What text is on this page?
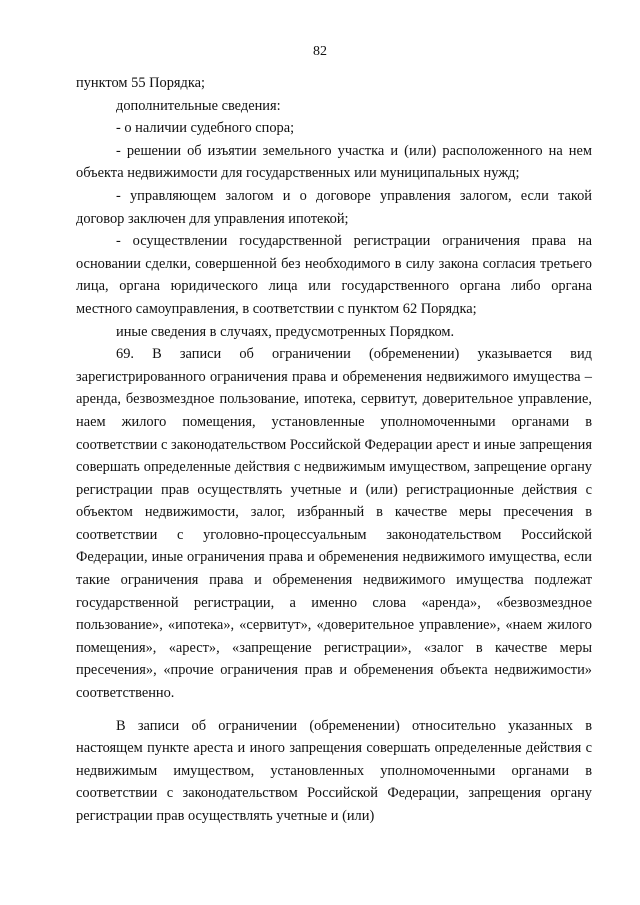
82

пунктом 55 Порядка;

дополнительные сведения:

- о наличии судебного спора;

- решении об изъятии земельного участка и (или) расположенного на нем объекта недвижимости для государственных или муниципальных нужд;

- управляющем залогом и о договоре управления залогом, если такой договор заключен для управления ипотекой;

- осуществлении государственной регистрации ограничения права на основании сделки, совершенной без необходимого в силу закона согласия третьего лица, органа юридического лица или государственного органа либо органа местного самоуправления, в соответствии с пунктом 62 Порядка;

иные сведения в случаях, предусмотренных Порядком.

69. В записи об ограничении (обременении) указывается вид зарегистрированного ограничения права и обременения недвижимого имущества – аренда, безвозмездное пользование, ипотека, сервитут, доверительное управление, наем жилого помещения, установленные уполномоченными органами в соответствии с законодательством Российской Федерации арест и иные запрещения совершать определенные действия с недвижимым имуществом, запрещение органу регистрации прав осуществлять учетные и (или) регистрационные действия с объектом недвижимости, залог, избранный в качестве меры пресечения в соответствии с уголовно-процессуальным законодательством Российской Федерации, иные ограничения права и обременения недвижимого имущества, если такие ограничения права и обременения недвижимого имущества подлежат государственной регистрации, а именно слова «аренда», «безвозмездное пользование», «ипотека», «сервитут», «доверительное управление», «наем жилого помещения», «арест», «запрещение регистрации», «залог в качестве меры пресечения», «прочие ограничения прав и обременения объекта недвижимости» соответственно.

В записи об ограничении (обременении) относительно указанных в настоящем пункте ареста и иного запрещения совершать определенные действия с недвижимым имуществом, установленных уполномоченными органами в соответствии с законодательством Российской Федерации, запрещения органу регистрации прав осуществлять учетные и (или)
